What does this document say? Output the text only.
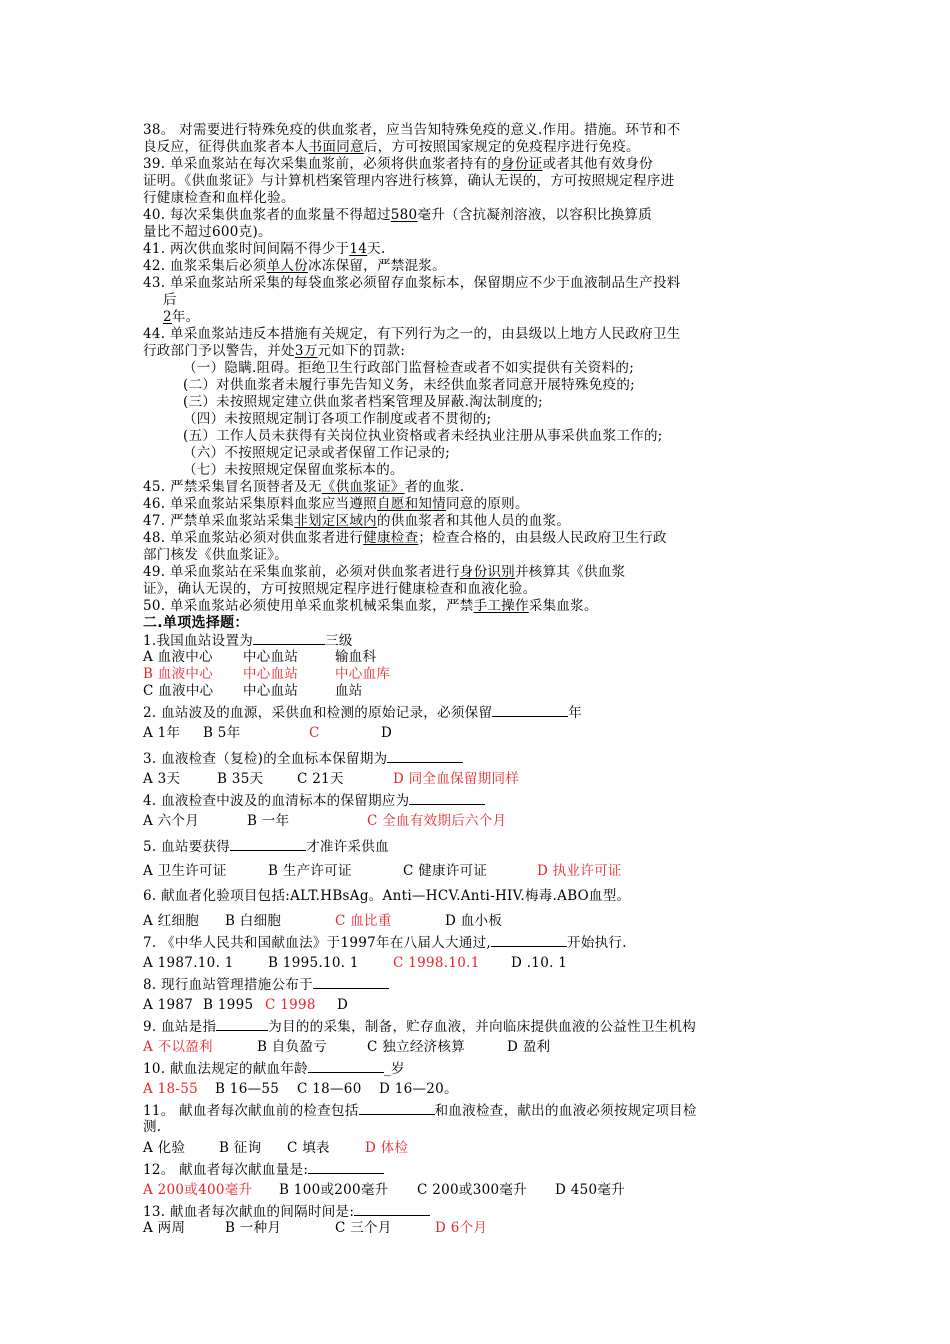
38。 对需要进行特殊免疫的供血浆者，应当告知特殊免疫的意义.作用。措施。环节和不
良反应，征得供血浆者本人书面同意后，方可按照国家规定的免疫程序进行免疫。
39. 单采血浆站在每次采集血浆前，必须将供血浆者持有的身份证或者其他有效身份
证明。《供血浆证》与计算机档案管理内容进行核算，确认无误的，方可按照规定程序进
行健康检查和血样化验。
40. 每次采集供血浆者的血浆量不得超过580毫升（含抗凝剂溶液，以容积比换算质
量比不超过600克)。
41. 两次供血浆时间间隔不得少于14天.
42. 血浆采集后必须单人份冰冻保留，严禁混浆。
43. 单采血浆站所采集的每袋血浆必须留存血浆标本，保留期应不少于血液制品生产投料
后
2年。
44. 单采血浆站违反本措施有关规定，有下列行为之一的，由县级以上地方人民政府卫生
行政部门予以警告，并处3万元如下的罚款:
（一）隐瞒.阻碍。拒绝卫生行政部门监督检查或者不如实提供有关资料的;
(二）对供血浆者未履行事先告知义务，未经供血浆者同意开展特殊免疫的;
(三）未按照规定建立供血浆者档案管理及屏蔽.淘汰制度的;
（四）未按照规定制订各项工作制度或者不贯彻的;
(五）工作人员未获得有关岗位执业资格或者未经执业注册从事采供血浆工作的;
（六）不按照规定记录或者保留工作记录的;
（七）未按照规定保留血浆标本的。
45. 严禁采集冒名顶替者及无《供血浆证》者的血浆.
46. 单采血浆站采集原料血浆应当遵照自愿和知情同意的原则。
47. 严禁单采血浆站采集非划定区域内的供血浆者和其他人员的血浆。
48. 单采血浆站必须对供血浆者进行健康检查；检查合格的，由县级人民政府卫生行政
部门核发《供血浆证》。
49. 单采血浆站在采集血浆前，必须对供血浆者进行身份识别并核算其《供血浆
证》，确认无误的，方可按照规定程序进行健康检查和血液化验。
50. 单采血浆站必须使用单采血浆机械采集血浆，严禁手工操作采集血浆。
二.单项选择题：
1.我国血站设置为	三级
A 血液中心 中心血站	输血科
B 血液中心 中心血站	中心血库
C 血液中心 中心血站	血站
2. 血站波及的血源，采供血和检测的原始记录，必须保留	年
A 1年 B 5年	C	D
3. 血液检查（复检)的全血标本保留期为
A 3天	B 35天 C 21天	D 同全血保留期同样
4. 血液检查中波及的血清标本的保留期应为
A 六个月	B 一年	C 全血有效期后六个月
5. 血站要获得	才准许采供血
A 卫生许可证	B 生产许可证	C 健康许可证	D 执业许可证
6. 献血者化验项目包括:ALT.HBsAg。Anti—HCV.Anti-HIV.梅毒.ABO血型。
A 红细胞 B 白细胞	C 血比重	D 血小板
7. 《中华人民共和国献血法》于1997年在八届人大通过,	开始执行.
A 1987.10. 1	B 1995.10. 1	C 1998.10.1 D .10. 1
8. 现行血站管理措施公布于
A 1987 B 1995 C 1998 D
9. 血站是指	为目的的采集，制备，贮存血液，并向临床提供血液的公益性卫生机构
A 不以盈利	B 自负盈亏	C 独立经济核算	D 盈利
10. 献血法规定的献血年龄	_岁
A 18-55 B 16—55 C 18—60 D 16—20。
11。 献血者每次献血前的检查包括	和血液检查，献出的血液必须按规定项目检
测.
A 化验	B 征询 C 填表	D 体检
12。 献血者每次献血量是:
A 200或400毫升 B 100或200毫升 C 200或300毫升 D 450毫升
13. 献血者每次献血的间隔时间是:
A 两周	B 一种月	C 三个月	D 6个月
